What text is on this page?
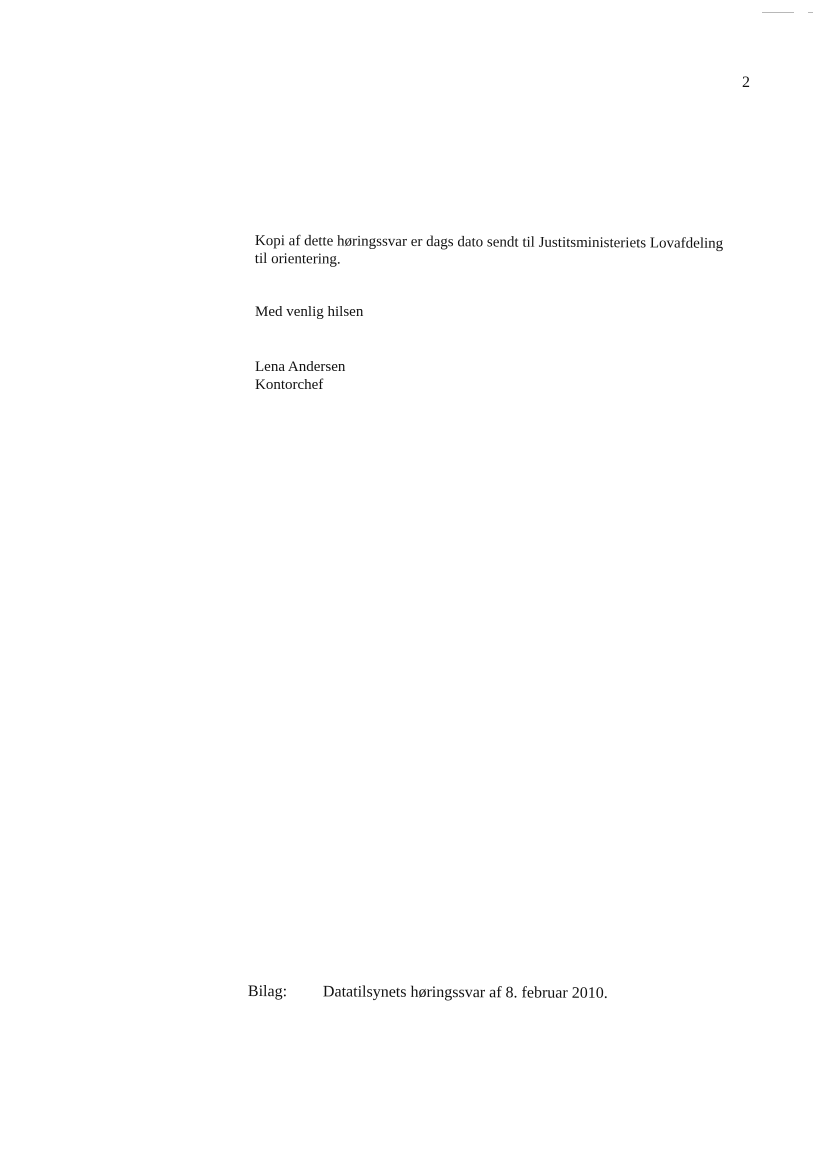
2
Kopi af dette høringssvar er dags dato sendt til Justitsministeriets Lovafdeling
til orientering.
Med venlig hilsen
Lena Andersen
Kontorchef
Bilag: Datatilsynets høringssvar af 8. februar 2010.
